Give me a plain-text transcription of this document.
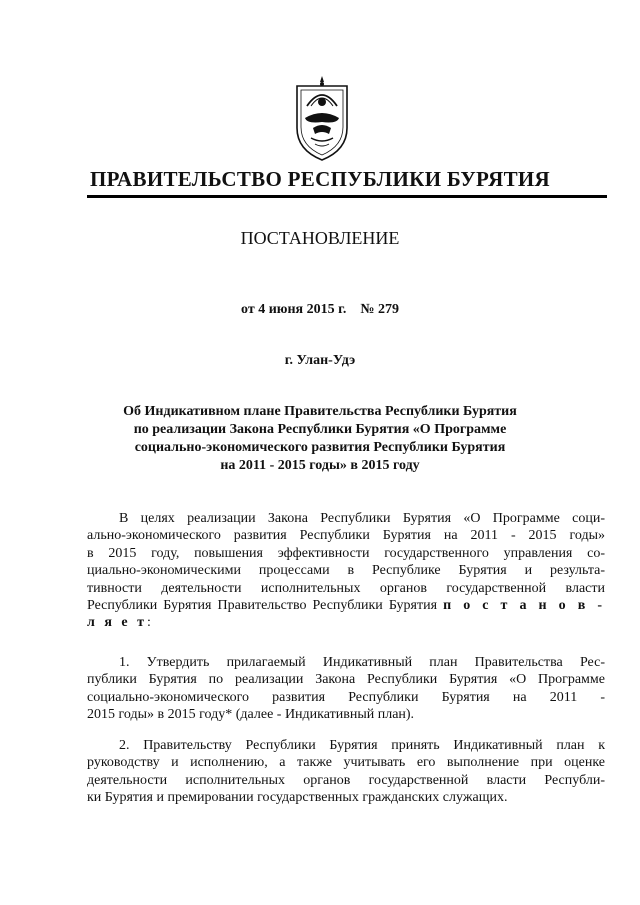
ПРАВИТЕЛЬСТВО РЕСПУБЛИКИ БУРЯТИЯ
ПОСТАНОВЛЕНИЕ
от 4 июня 2015 г. № 279
г. Улан-Удэ
Об Индикативном плане Правительства Республики Бурятия
по реализации Закона Республики Бурятия «О Программе
социально-экономического развития Республики Бурятия
на 2011 - 2015 годы» в 2015 году
В целях реализации Закона Республики Бурятия «О Программе соци-
ально-экономического развития Республики Бурятия на 2011 - 2015 годы»
в 2015 году, повышения эффективности государственного управления со-
циально-экономическими процессами в Республике Бурятия и результа-
тивности деятельности исполнительных органов государственной власти
Республики Бурятия Правительство Республики Бурятия п о с т а н о в -
л я е т:
1. Утвердить прилагаемый Индикативный план Правительства Рес-
публики Бурятия по реализации Закона Республики Бурятия «О Программе
социально-экономического развития Республики Бурятия на 2011 -
2015 годы» в 2015 году* (далее - Индикативный план).
2. Правительству Республики Бурятия принять Индикативный план к
руководству и исполнению, а также учитывать его выполнение при оценке
деятельности исполнительных органов государственной власти Республи-
ки Бурятия и премировании государственных гражданских служащих.
